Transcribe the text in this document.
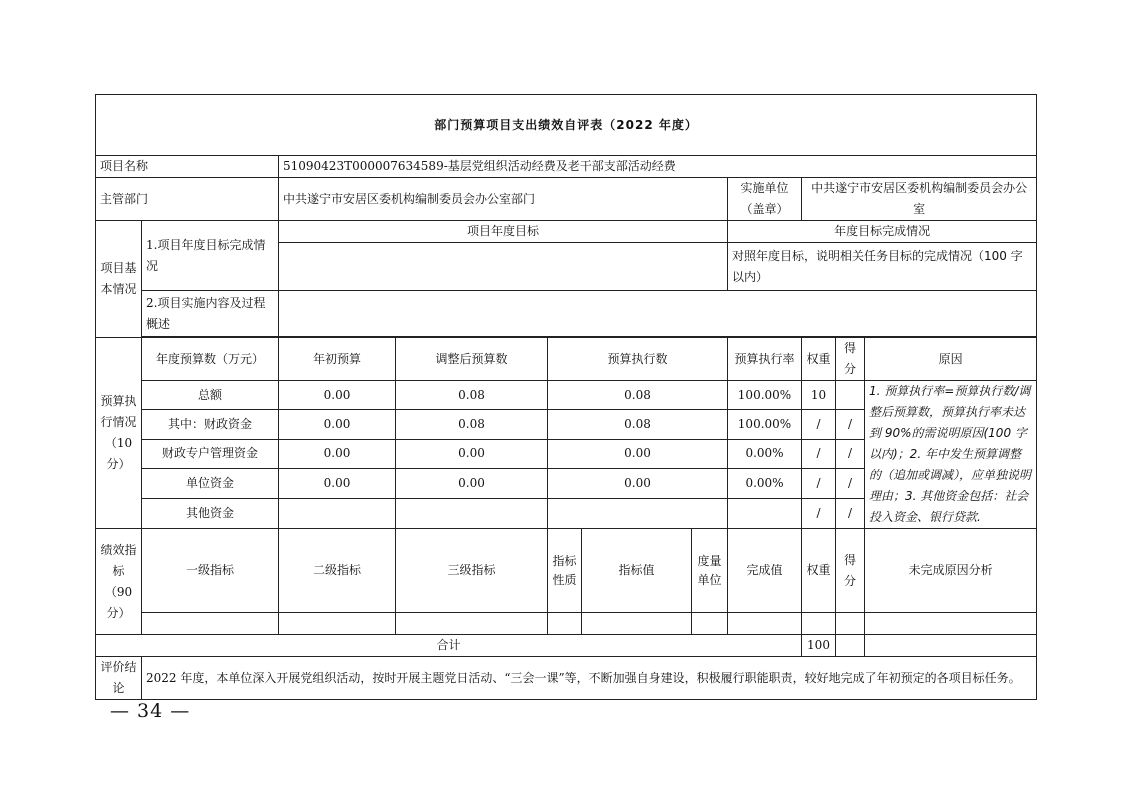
部门预算项目支出绩效自评表（2022 年度）										
项目名称		51090423T000007634589-基层党组织活动经费及老干部支部活动经费								
主管部门		中共遂宁市安居区委机构编制委员会办公室部门					实施单位（盖章）	中共遂宁市安居区委机构编制委员会办公室		
项目基本情况	1.项目年度目标完成情况	项目年度目标					年度目标完成情况			
							对照年度目标，说明相关任务目标的完成情况（100 字以内）			
	2.项目实施内容及过程概述									

预算执行情况（10 分）	年度预算数（万元）	年初预算	调整后预算数	预算执行数			预算执行率	权重	得分	原因
	总额	0.00	0.08	0.08			100.00%	10		1. 预算执行率=预算执行数/调整后预算数，预算执行率未达到 90%的需说明原因(100 字以内)；2. 年中发生预算调整的（追加或调减），应单独说明理由；3. 其他资金包括：社会投入资金、银行贷款.
	其中：财政资金	0.00	0.08	0.08			100.00%	/	/	
	财政专户管理资金	0.00	0.00	0.00			0.00%	/	/	
	单位资金	0.00	0.00	0.00			0.00%	/	/	
	其他资金							/	/	
绩效指标（90 分）	一级指标	二级指标	三级指标	指标性质	指标值	度量单位	完成值	权重	得分	未完成原因分析

合计								100		
评价结论	2022 年度，本单位深入开展党组织活动，按时开展主题党日活动、“三会一课”等，不断加强自身建设，积极履行职能职责，较好地完成了年初预定的各项目标任务。									
— 34 —
